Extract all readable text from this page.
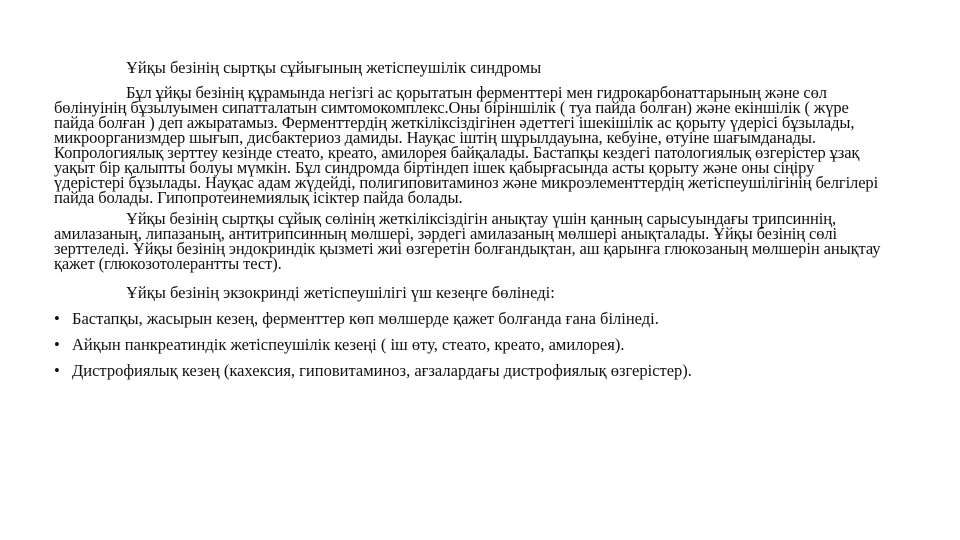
Ұйқы безінің сыртқы сұйығының жетіспеушілік синдромы

Бұл ұйқы безінің құрамында негізгі ас қорытатын ферменттері мен гидрокарбонаттарының және сөл бөлінуінің бұзылуымен сипатталатын симтомокомплекс.Оны біріншілік ( туа пайда болған) және екіншілік ( жүре пайда болған ) деп ажыратамыз. Ферменттердің жеткіліксіздігінен әдеттегі ішекішілік ас қорыту үдерісі бұзылады, микроорганизмдер шығып, дисбактериоз дамиды. Науқас іштің шұрылдауына, кебуіне, өтуіне шағымданады. Копрологиялық зерттеу кезінде стеато, креато, амилорея байқалады. Бастапқы кездегі патологиялық өзгерістер ұзақ уақыт бір қалыпты болуы мүмкін. Бұл синдромда біртіндеп ішек қабырғасында асты қорыту және оны сіңіру үдерістері бұзылады. Науқас адам жүдейді, полигиповитаминоз және микроэлементтердің жетіспеушілігінің белгілері пайда болады. Гипопротеинемиялық ісіктер пайда болады.

Ұйқы безінің сыртқы сұйық сөлінің жеткіліксіздігін анықтау үшін қанның сарысуындағы трипсиннің, амилазаның, липазаның, антитрипсинның мөлшері, зәрдегі амилазаның мөлшері анықталады. Ұйқы безінің сөлі зерттеледі. Ұйқы безінің эндокриндік қызметі жиі өзгеретін болғандықтан, аш қарынға глюкозаның мөлшерін анықтау қажет (глюкозотолерантты тест).

Ұйқы безінің экзокринді жетіспеушілігі үш кезеңге бөлінеді:
• Бастапқы, жасырын кезең, ферменттер көп мөлшерде қажет болғанда ғана білінеді.
• Айқын панкреатиндік жетіспеушілік кезеңі ( іш өту, стеато, креато, амилорея).
• Дистрофиялық кезең (кахексия, гиповитаминоз, ағзалардағы дистрофиялық өзгерістер).
